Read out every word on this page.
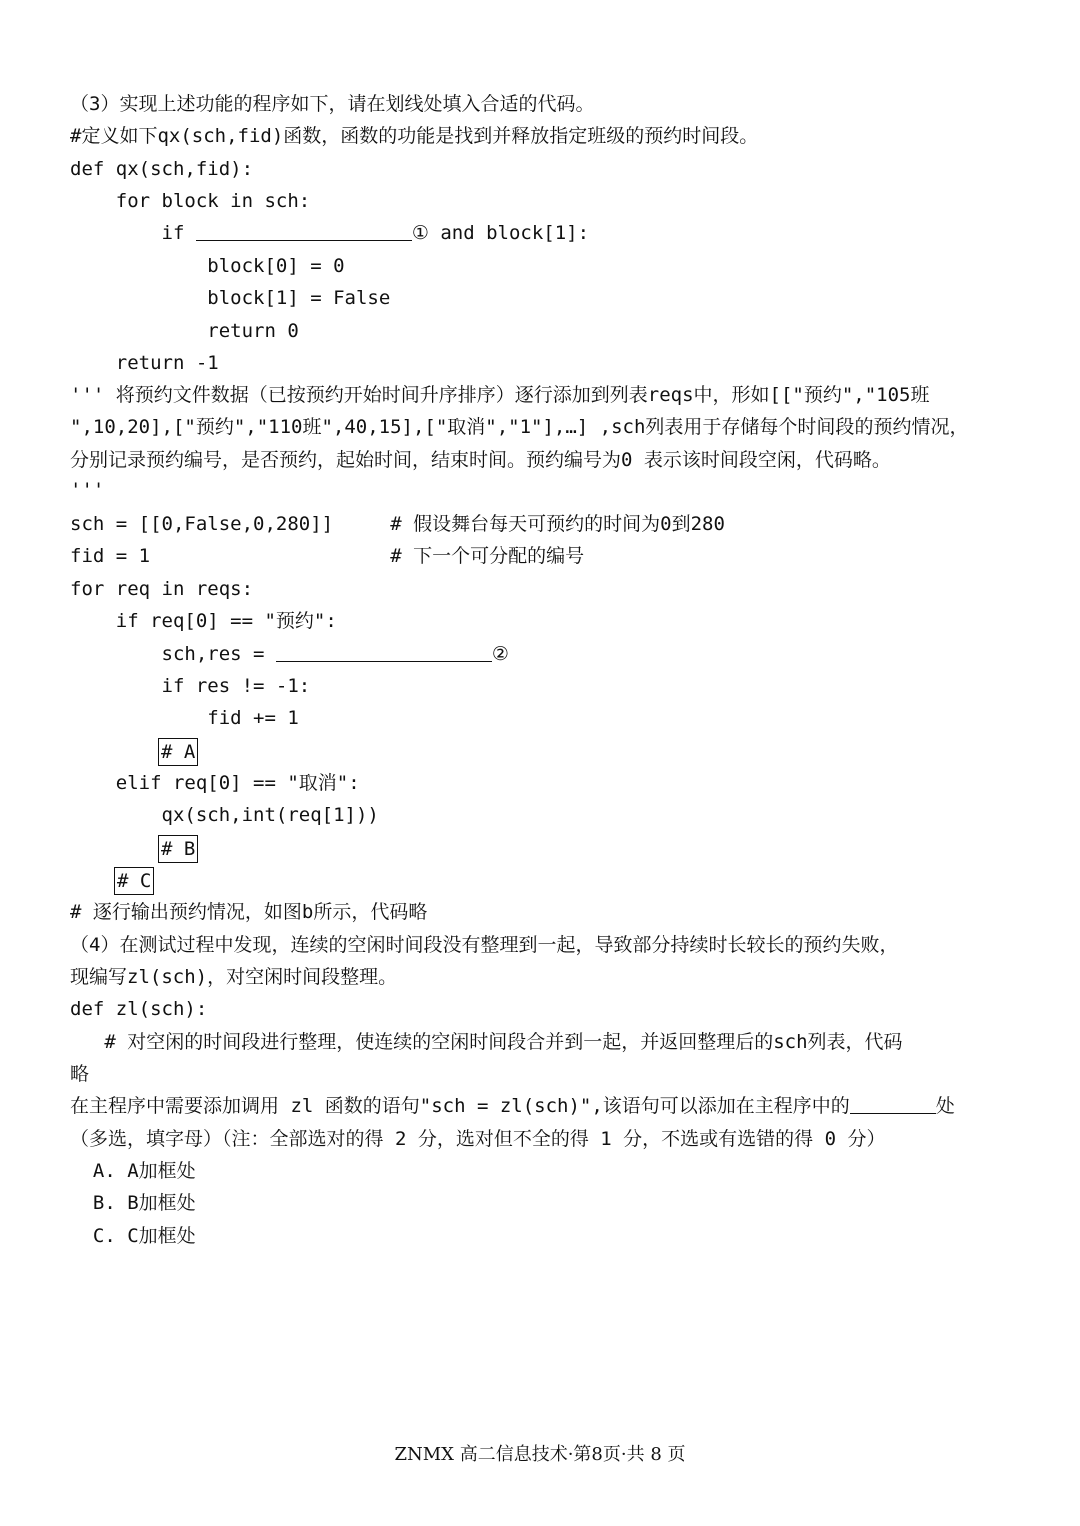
（3）实现上述功能的程序如下，请在划线处填入合适的代码。
#定义如下qx(sch,fid)函数，函数的功能是找到并释放指定班级的预约时间段。
def qx(sch,fid):
for block in sch:
if	① and block[1]:
block[0] = 0
block[1] = False
return 0
return -1
''' 将预约文件数据（已按预约开始时间升序排序）逐行添加到列表reqs中，形如[["预约","105班
",10,20],["预约","110班",40,15],["取消","1"],…] ,sch列表用于存储每个时间段的预约情况，
分别记录预约编号，是否预约，起始时间，结束时间。预约编号为0 表示该时间段空闲，代码略。
'''
sch = [[0,False,0,280]]     # 假设舞台每天可预约的时间为0到280
fid = 1                     # 下一个可分配的编号
for req in reqs:
if req[0] == "预约":
sch,res =	②
if res != -1:
fid += 1
# A
elif req[0] == "取消":
qx(sch,int(req[1]))
# B
# C
# 逐行输出预约情况，如图b所示，代码略
（4）在测试过程中发现，连续的空闲时间段没有整理到一起，导致部分持续时长较长的预约失败，
现编写zl(sch)，对空闲时间段整理。
def zl(sch):
# 对空闲的时间段进行整理，使连续的空闲时间段合并到一起，并返回整理后的sch列表，代码
略
在主程序中需要添加调用 zl 函数的语句"sch = zl(sch)",该语句可以添加在主程序中的	处
（多选，填字母）（注：全部选对的得 2 分，选对但不全的得 1 分，不选或有选错的得 0 分）
A. A加框处
B. B加框处
C. C加框处
ZNMX 高二信息技术·第8页·共 8 页
